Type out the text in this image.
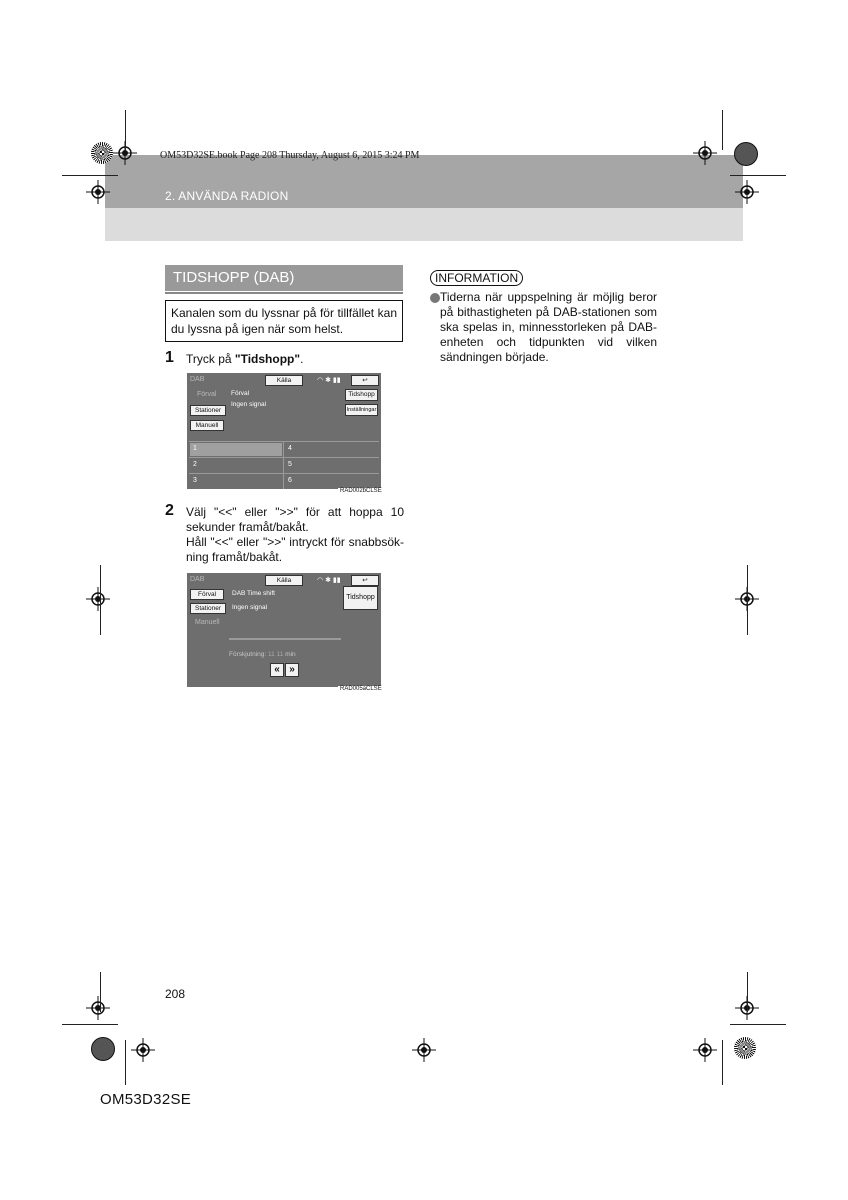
OM53D32SE.book Page 208 Thursday, August 6, 2015 3:24 PM
2. ANVÄNDA RADION
TIDSHOPP (DAB)
Kanalen som du lyssnar på för tillfället kan du lyssna på igen när som helst.
1 Tryck på "Tidshopp".
DAB	Källa	◠ ✱ ▮▮	↩
Förval
Stationer
Manuell
Förval
Ingen signal
Tidshopp
Inställningar
1
2
3
4
5
6
RAD002bCLSE
2 Välj "<<" eller ">>" för att hoppa 10 sekunder framåt/bakåt.
Håll "<<" eller ">>" intryckt för snabbsök-ning framåt/bakåt.
DAB	Källa	◠ ✱ ▮▮	↩
Förval
Stationer
Manuell
DAB Time shift
Ingen signal
Tidshopp
Förskjutning: 11 11 min
« »
RAD005aCLSE
INFORMATION
Tiderna när uppspelning är möjlig beror på bithastigheten på DAB-stationen som ska spelas in, minnesstorleken på DAB-enheten och tidpunkten vid vilken sändningen började.
208
OM53D32SE
